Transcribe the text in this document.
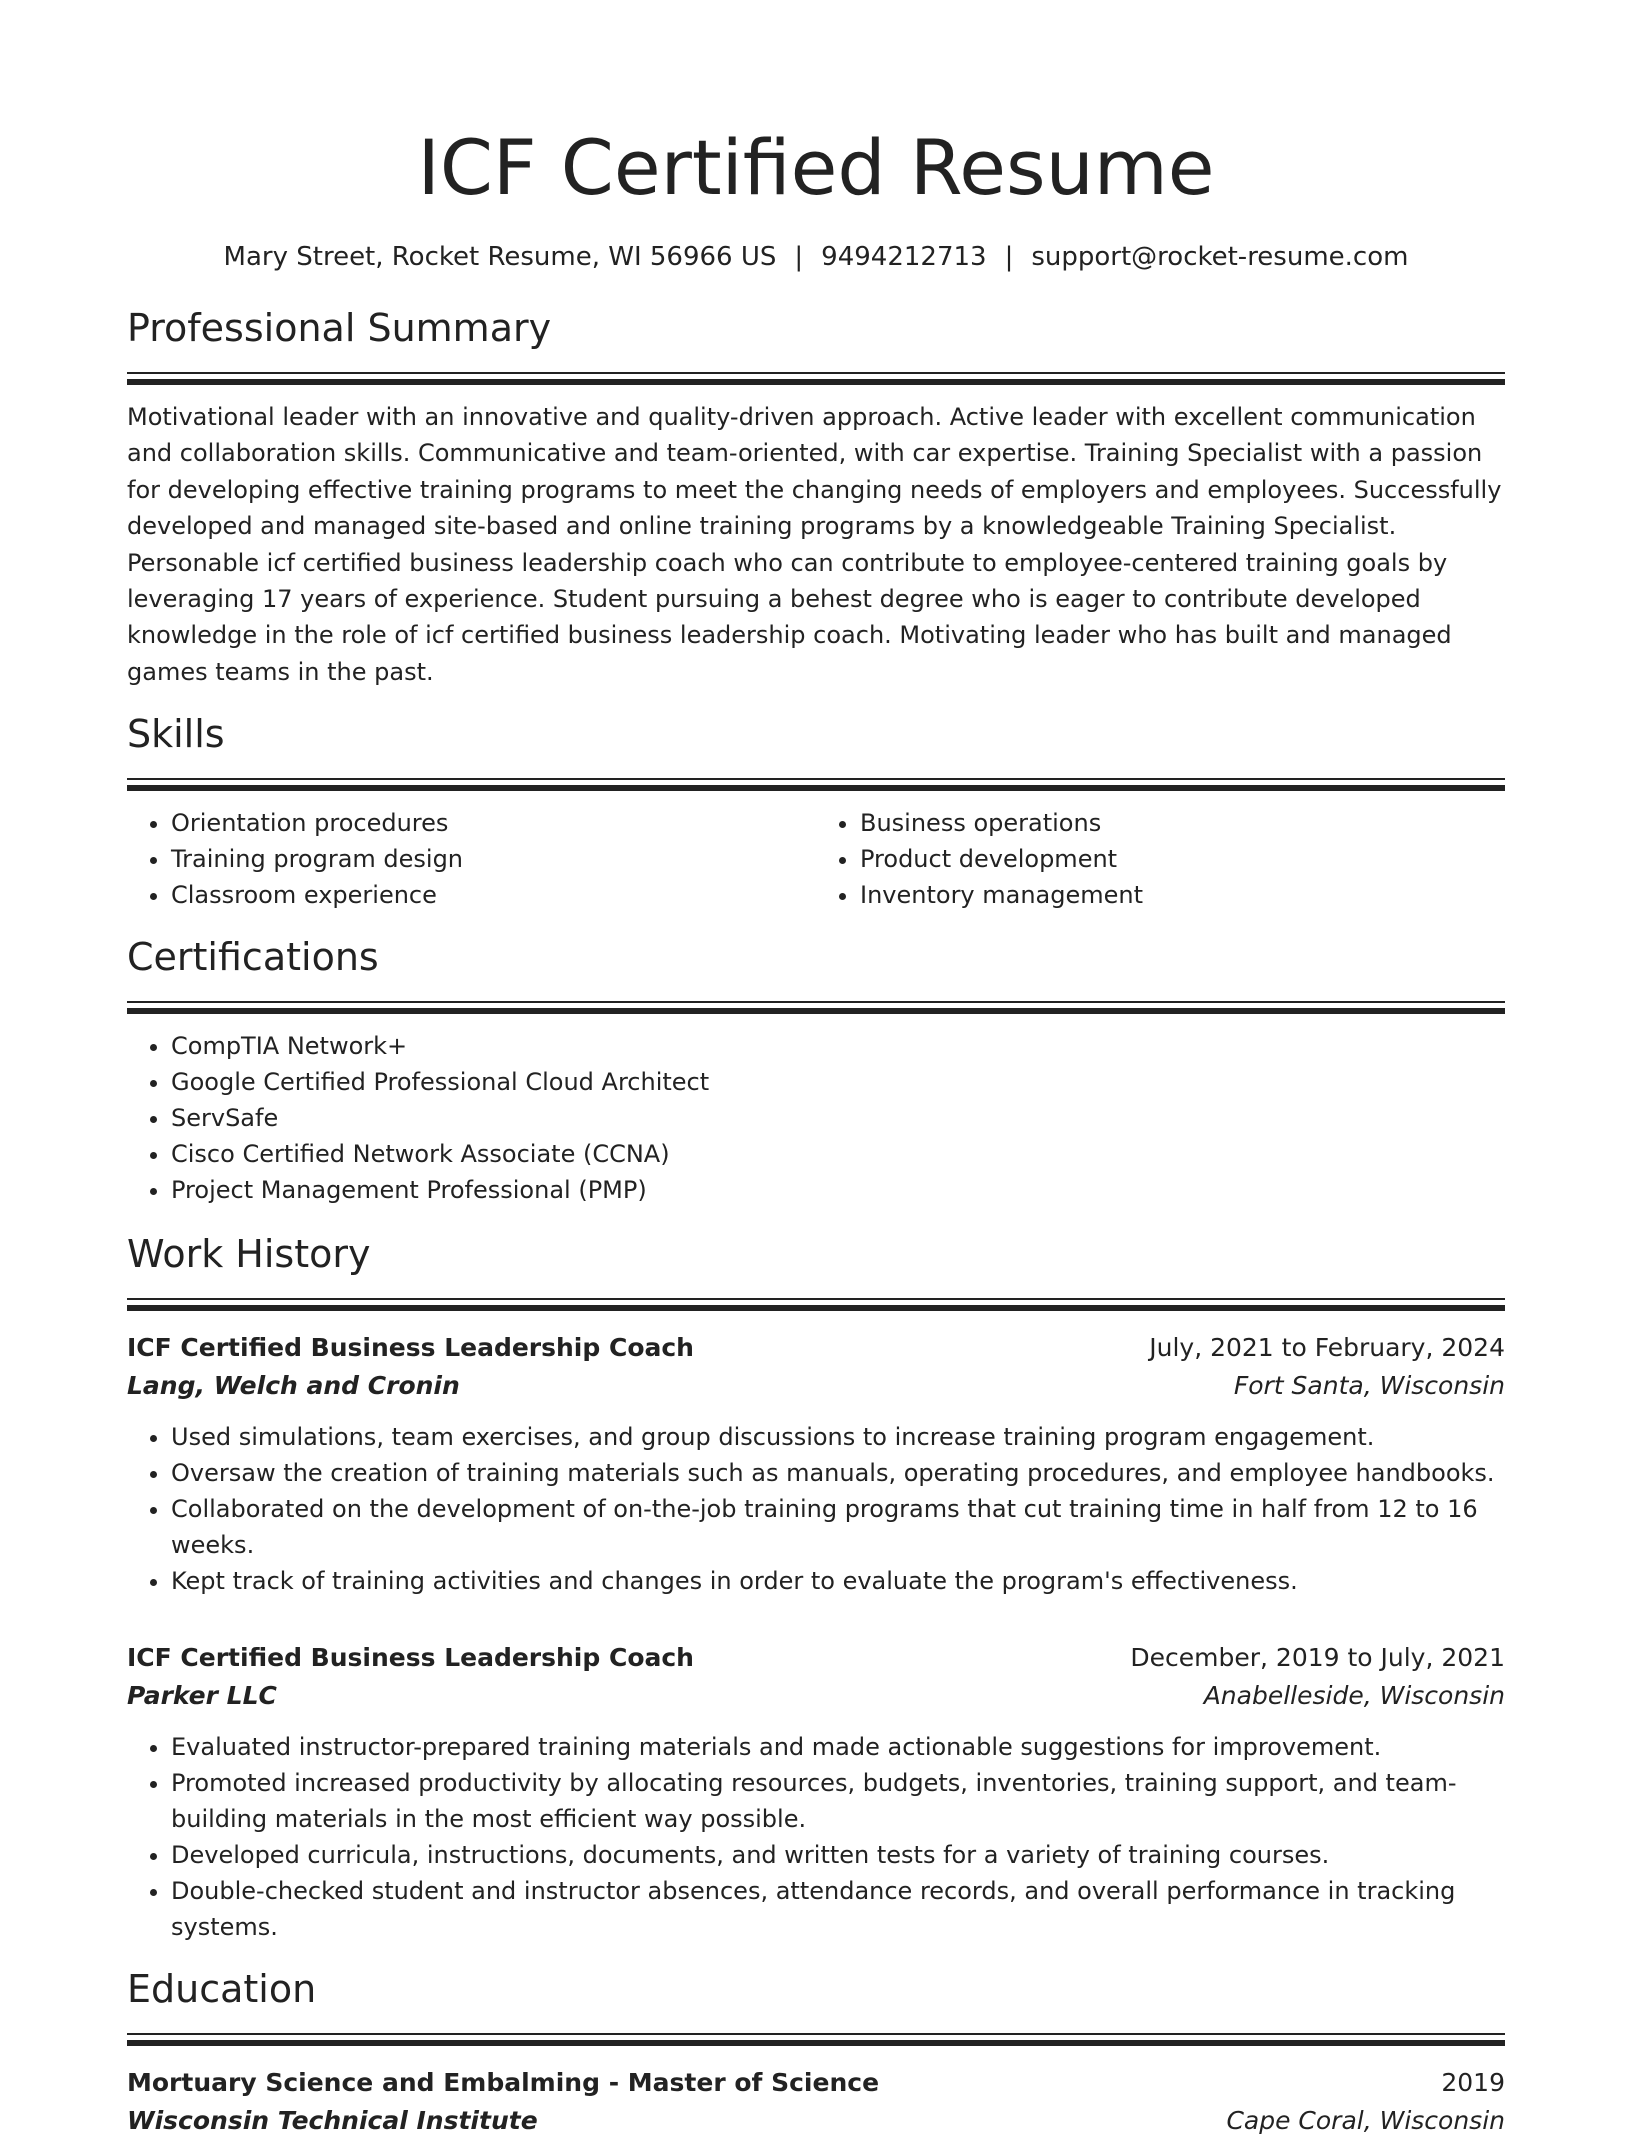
ICF Certified Resume
Mary Street, Rocket Resume, WI 56966 US | 9494212713 | support@rocket-resume.com
Professional Summary

Motivational leader with an innovative and quality-driven approach. Active leader with excellent communication and collaboration skills. Communicative and team-oriented, with car expertise. Training Specialist with a passion for developing effective training programs to meet the changing needs of employers and employees. Successfully developed and managed site-based and online training programs by a knowledgeable Training Specialist. Personable icf certified business leadership coach who can contribute to employee-centered training goals by leveraging 17 years of experience. Student pursuing a behest degree who is eager to contribute developed knowledge in the role of icf certified business leadership coach. Motivating leader who has built and managed games teams in the past.

Skills
• Orientation procedures
• Training program design
• Classroom experience
• Business operations
• Product development
• Inventory management
Certifications
• CompTIA Network+
• Google Certified Professional Cloud Architect
• ServSafe
• Cisco Certified Network Associate (CCNA)
• Project Management Professional (PMP)
Work History
ICF Certified Business Leadership Coach	July, 2021 to February, 2024
Lang, Welch and Cronin	Fort Santa, Wisconsin
• Used simulations, team exercises, and group discussions to increase training program engagement.
• Oversaw the creation of training materials such as manuals, operating procedures, and employee handbooks.
• Collaborated on the development of on-the-job training programs that cut training time in half from 12 to 16 weeks.
• Kept track of training activities and changes in order to evaluate the program's effectiveness.
ICF Certified Business Leadership Coach	December, 2019 to July, 2021
Parker LLC	Anabelleside, Wisconsin
• Evaluated instructor-prepared training materials and made actionable suggestions for improvement.
• Promoted increased productivity by allocating resources, budgets, inventories, training support, and team-building materials in the most efficient way possible.
• Developed curricula, instructions, documents, and written tests for a variety of training courses.
• Double-checked student and instructor absences, attendance records, and overall performance in tracking systems.
Education
Mortuary Science and Embalming - Master of Science	2019
Wisconsin Technical Institute	Cape Coral, Wisconsin
